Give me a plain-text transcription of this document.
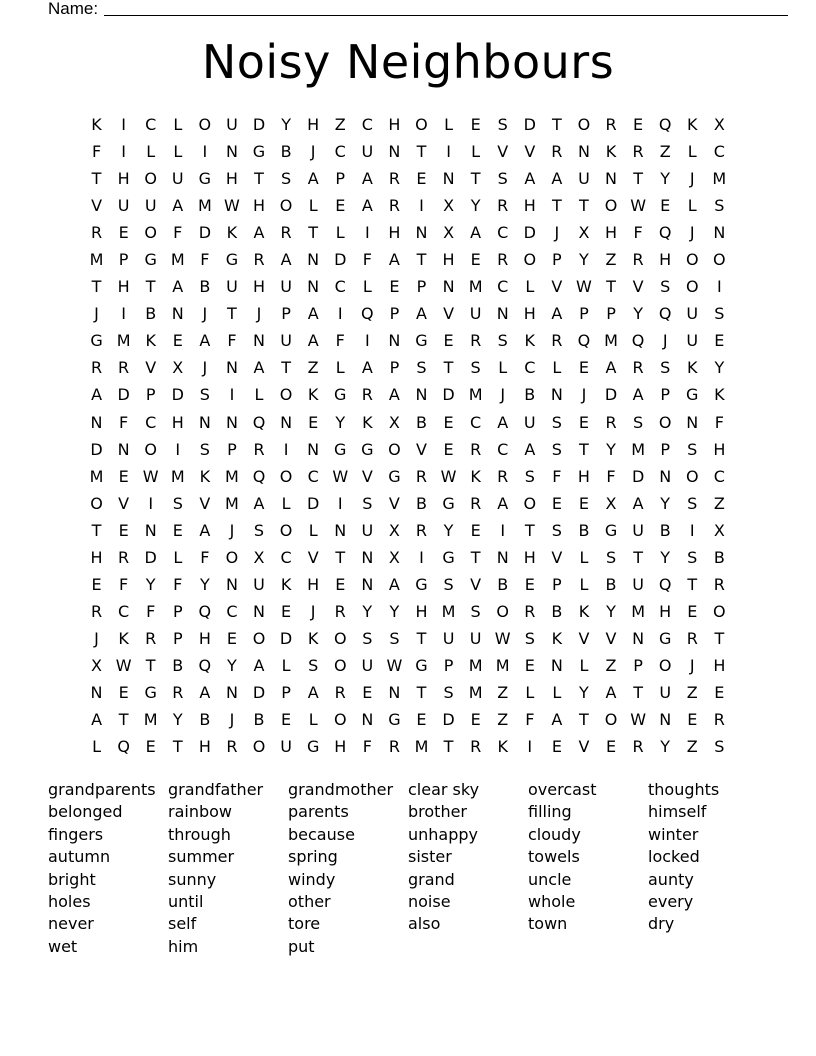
Name:
Noisy Neighbours
K	I	C	L	O U D	Y	H Z	C H O	L	E	S D	T O R	E Q K	X
F	I	L	L	I	N G B	J	C U N	T	I	L	V	V	R N K	R	Z	L	C
T	H O U G H	T	S	A	P	A	R	E	N	T	S	A	A U N	T	Y	J	M
V U U A M W H O	L	E	A	R	I	X	Y	R H	T	T O W E	L	S
R	E O	F	D K	A	R	T	L	I	H N X	A	C D	J	X H	F	Q	J	N
M P	G M F	G R	A N D	F	A	T	H	E	R O P	Y	Z	R H O O
T	H	T	A	B U H U N C	L	E	P	N M C	L	V W T	V	S O	I
J	I	B N	J	T	J	P	A	I	Q P	A	V U N H A	P	P	Y Q U	S
G M K	E	A	F	N U A	F	I	N G E	R	S	K	R Q M Q	J	U	E
R R	V	X	J	N A	T	Z	L	A	P	S	T	S	L	C	L	E	A	R	S	K	Y
A D	P	D S	I	L	O K G R	A N D M	J	B N	J	D A	P	G K
N	F	C H N N Q N	E	Y	K	X	B	E	C	A U	S	E	R	S O N	F
D N O	I	S	P	R	I	N G G O V	E	R C	A	S	T	Y M P	S H
M E W M K M Q O C W V G R W K	R	S	F	H	F	D N O C
O V	I	S	V M A	L	D	I	S	V	B G R	A O E	E	X	A	Y	S	Z
T	E	N	E	A	J	S O	L	N U X	R	Y	E	I	T	S	B G U B	I	X
H R D	L	F	O X	C	V	T	N X	I	G T	N H V	L	S	T	Y	S	B
E	F	Y	F	Y	N U K H	E	N A G S	V	B	E	P	L	B U Q T	R
R C	F	P Q C N	E	J	R	Y	Y	H M S O R	B	K	Y M H	E O
J	K	R	P	H	E O D K O S	S	T	U U W S	K	V	V N G R	T
X W T	B Q Y	A	L	S O U W G	P M M E	N	L	Z	P O	J	H
N	E G R	A N D	P	A	R	E	N	T	S M Z	L	L	Y	A	T	U Z	E
A	T M Y	B	J	B	E	L	O N G E D E	Z	F	A	T O W N	E	R
L	Q E	T	H R O U G H	F	R M T	R	K	I	E	V	E	R	Y	Z	S
grandparents
belonged
fingers
autumn
bright
holes
never
wet
grandfather
rainbow
through
summer
sunny
until
self
him
grandmother
parents
because
spring
windy
other
tore
put
clear sky
brother
unhappy
sister
grand
noise
also
overcast
filling
cloudy
towels
uncle
whole
town
thoughts
himself
winter
locked
aunty
every
dry
